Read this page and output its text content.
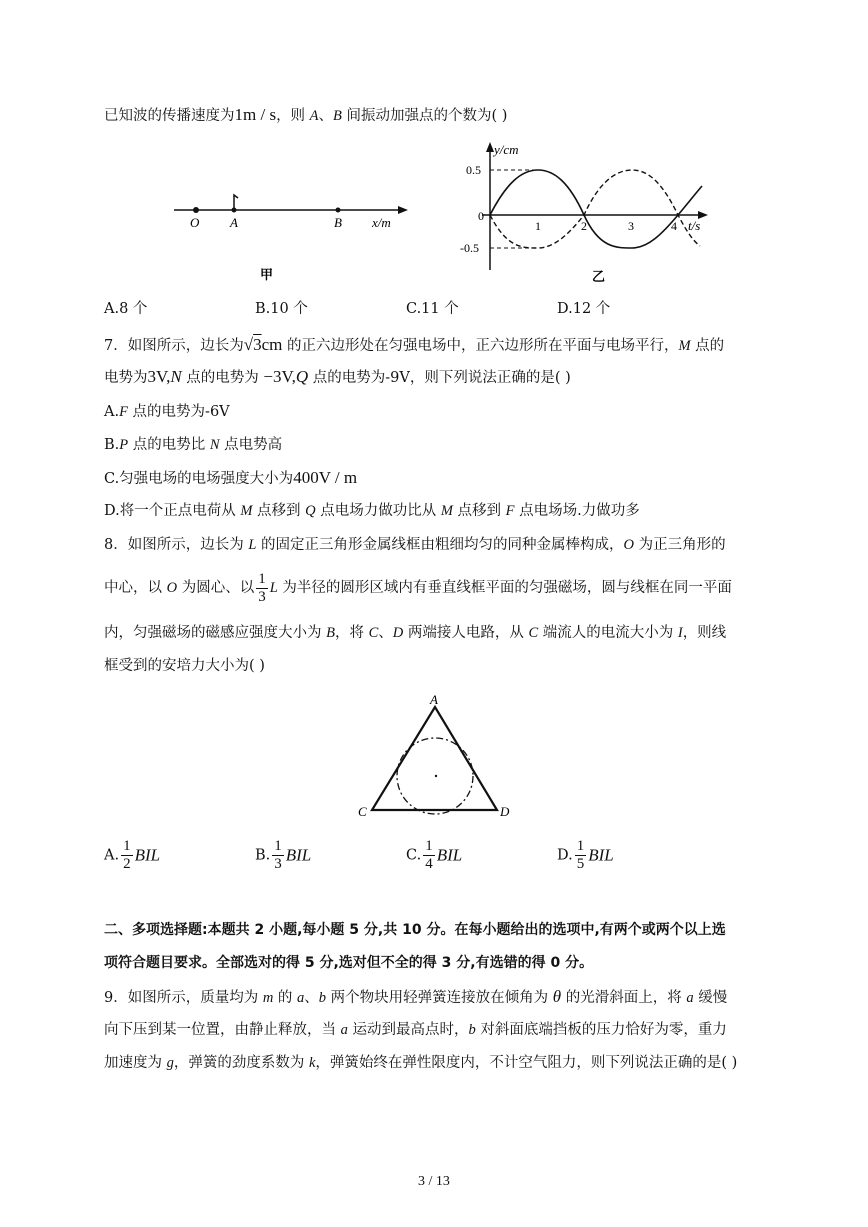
已知波的传播速度为1m / s，则 A、B 间振动加强点的个数为( )
O A	B x/m
甲
y/cm
0.5
-0.5
0
1	2	3	4 t/s
乙
A.8 个	B.10 个	C.11 个	D.12 个
7．如图所示，边长为√3cm 的正六边形处在匀强电场中，正六边形所在平面与电场平行，M 点的
电势为3V,N 点的电势为 −3V,Q 点的电势为-9V，则下列说法正确的是( )
A.F 点的电势为-6V
B.P 点的电势比 N 点电势高
C.匀强电场的电场强度大小为400V / m
D.将一个正点电荷从 M 点移到 Q 点电场力做功比从 M 点移到 F 点电场场.力做功多
8．如图所示，边长为 L 的固定正三角形金属线框由粗细均匀的同种金属棒构成，O 为正三角形的
中心，以 O 为圆心、以 $\frac{1}{3}$ L 为半径的圆形区域内有垂直线框平面的匀强磁场，圆与线框在同一平面
内，匀强磁场的磁感应强度大小为 B，将 C、D 两端接人电路，从 C 端流人的电流大小为 I，则线
框受到的安培力大小为( )
A
C	D
A. $\frac{1}{2}$ BIL	B. $\frac{1}{3}$ BIL	C. $\frac{1}{4}$ BIL	D. $\frac{1}{5}$ BIL
二、多项选择题:本题共 2 小题,每小题 5 分,共 10 分。在每小题给出的选项中,有两个或两个以上选
项符合题目要求。全部选对的得 5 分,选对但不全的得 3 分,有选错的得 0 分。
9．如图所示，质量均为 m 的 a、b 两个物块用轻弹簧连接放在倾角为 θ 的光滑斜面上，将 a 缓慢
向下压到某一位置，由静止释放，当 a 运动到最高点时，b 对斜面底端挡板的压力恰好为零，重力
加速度为 g，弹簧的劲度系数为 k，弹簧始终在弹性限度内，不计空气阻力，则下列说法正确的是( )
3 / 13
